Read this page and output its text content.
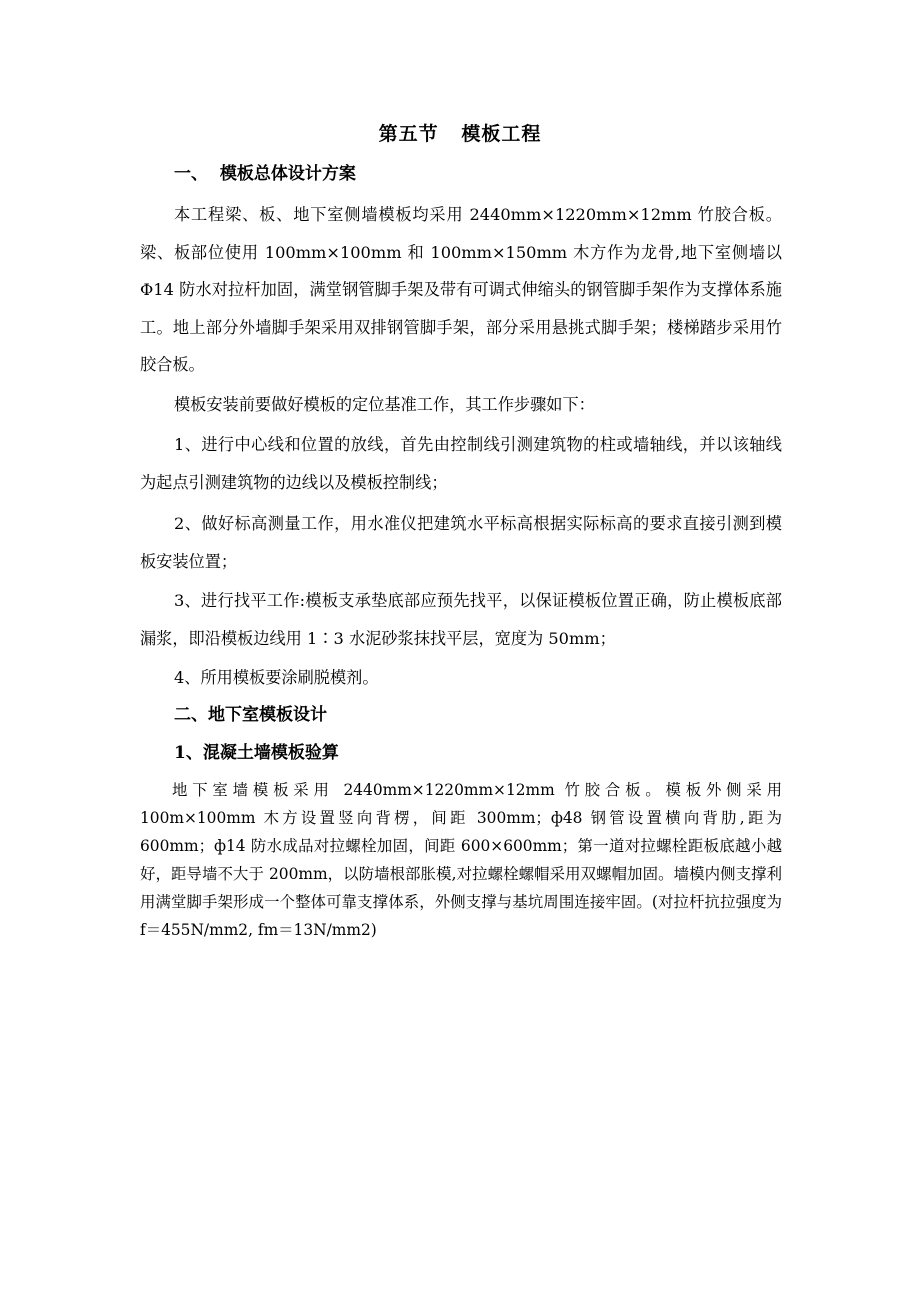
第五节   模板工程
一、  模板总体设计方案
本工程梁、板、地下室侧墙模板均采用 2440mm×1220mm×12mm 竹胶合板。梁、板部位使用 100mm×100mm 和 100mm×150mm 木方作为龙骨,地下室侧墙以Φ14 防水对拉杆加固，满堂钢管脚手架及带有可调式伸缩头的钢管脚手架作为支撑体系施工。地上部分外墙脚手架采用双排钢管脚手架，部分采用悬挑式脚手架；楼梯踏步采用竹胶合板。
模板安装前要做好模板的定位基准工作，其工作步骤如下：
1、进行中心线和位置的放线，首先由控制线引测建筑物的柱或墙轴线，并以该轴线为起点引测建筑物的边线以及模板控制线；
2、做好标高测量工作，用水准仪把建筑水平标高根据实际标高的要求直接引测到模板安装位置；
3、进行找平工作:模板支承垫底部应预先找平，以保证模板位置正确，防止模板底部漏浆，即沿模板边线用 1∶3 水泥砂浆抹找平层，宽度为 50mm；
4、所用模板要涂刷脱模剂。
二、地下室模板设计
1、混凝土墙模板验算
地下室墙模板采用 2440mm×1220mm×12mm 竹胶合板。模板外侧采用 100m×100mm 木方设置竖向背楞，间距 300mm；ф48 钢管设置横向背肋,距为 600mm；ф14 防水成品对拉螺栓加固，间距 600×600mm；第一道对拉螺栓距板底越小越好，距导墙不大于 200mm，以防墙根部胀模,对拉螺栓螺帽采用双螺帽加固。墙模内侧支撑利用满堂脚手架形成一个整体可靠支撑体系，外侧支撑与基坑周围连接牢固。(对拉杆抗拉强度为 f＝455N/mm2, fm＝13N/mm2)
